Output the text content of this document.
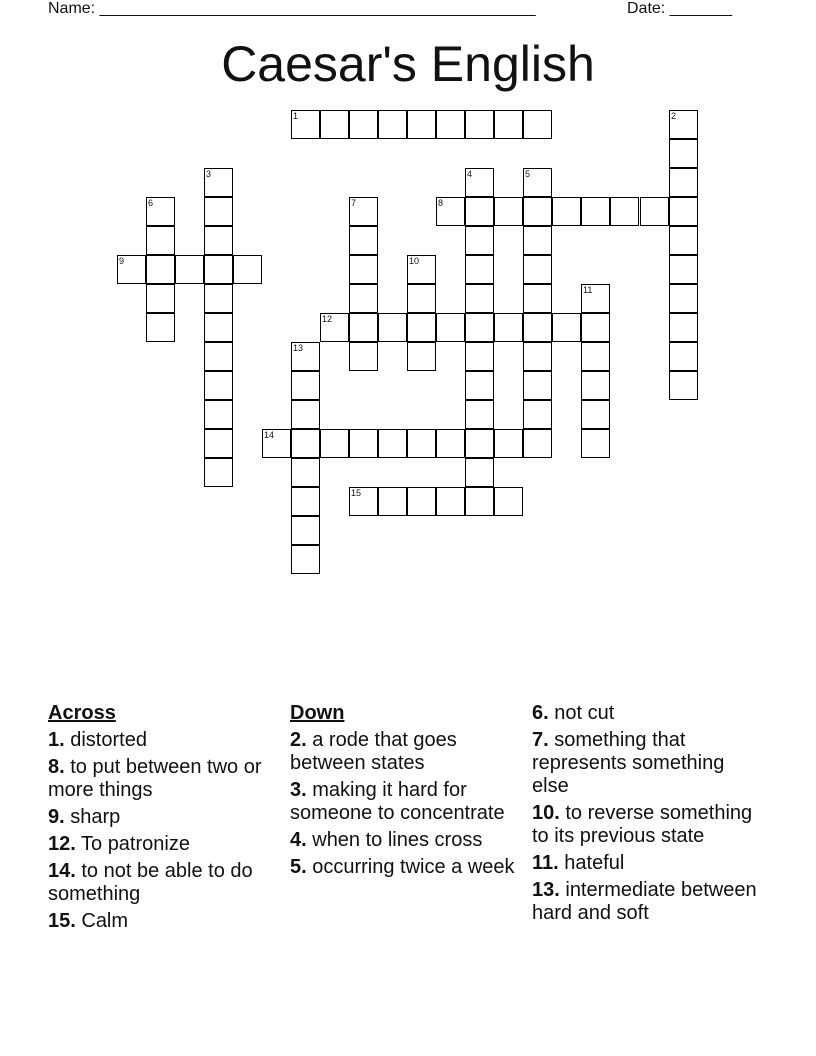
Name: _________________________________________________	Date: _______
Caesar's English
1	2
3	4	5
6	7	8
9	10
11
12
13
14
15
Across
1. distorted
8. to put between two or more things
9. sharp
12. To patronize
14. to not be able to do something
15. Calm
Down
2. a rode that goes between states
3. making it hard for someone to concentrate
4. when to lines cross
5. occurring twice a week
6. not cut
7. something that represents something else
10. to reverse something to its previous state
11. hateful
13. intermediate between hard and soft
